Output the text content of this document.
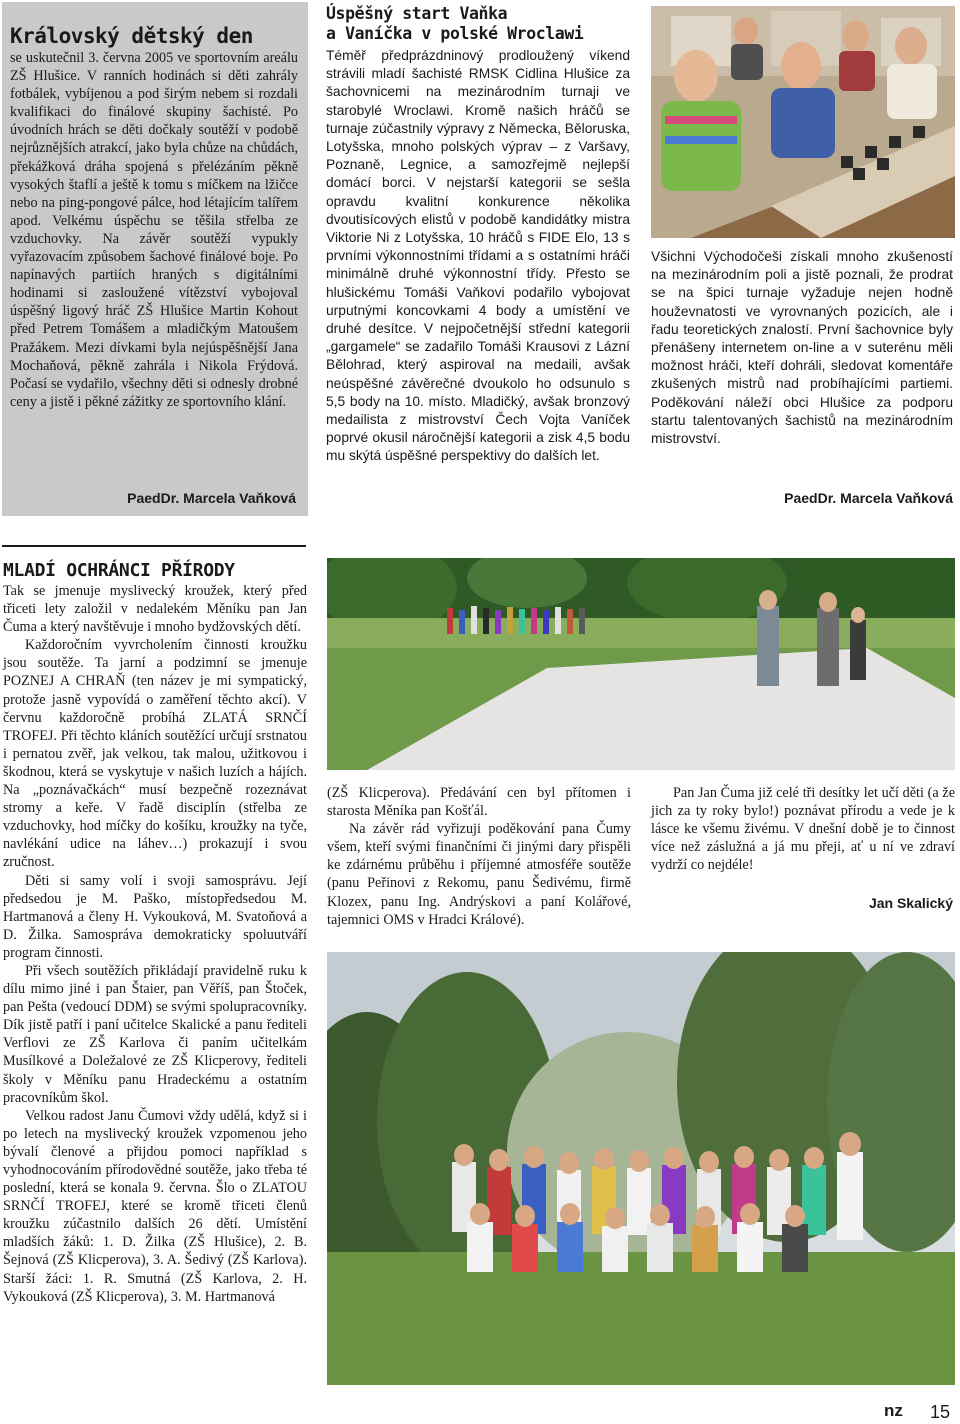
Královský dětský den

se uskutečnil 3. června 2005 ve sportovním areálu ZŠ Hlušice. V ranních hodinách si děti zahrály fotbálek, vybíjenou a pod širým nebem si rozdali kvalifikaci do finálové skupiny šachisté. Po úvodních hrách se děti dočkaly soutěží v podobě nejrůznějších atrakcí, jako byla chůze na chůdách, překážková dráha spojená s přelézáním pěkně vysokých štaflí a ještě k tomu s míčkem na lžičce nebo na ping-pongové pálce, hod létajícím talířem apod. Velkému úspěchu se těšila střelba ze vzduchovky. Na závěr soutěží vypukly vyřazovacím způsobem šachové finálové boje. Po napínavých partiích hraných s digitálními hodinami si zasloužené vítězství vybojoval úspěšný ligový hráč ZŠ Hlušice Martin Kohout před Petrem Tomášem a mladičkým Matoušem Pražákem. Mezi dívkami byla nejúspěšnější Jana Mochaňová, pěkně zahrála i Nikola Frýdová. Počasí se vydařilo, všechny děti si odnesly drobné ceny a jistě i pěkné zážitky ze sportovního klání.

PaedDr. Marcela Vaňková
Úspěšný start Vaňka
a Vaníčka v polské Wroclawi

Téměř předprázdninový prodloužený víkend strávili mladí šachisté RMSK Cidlina Hlušice za šachovnicemi na mezinárodním turnaji ve starobylé Wroclawi. Kromě našich hráčů se turnaje zúčastnily výpravy z Německa, Běloruska, Lotyšska, mnoho polských výprav – z Varšavy, Poznaně, Legnice, a samozřejmě nejlepší domácí borci. V nejstarší kategorii se sešla opravdu kvalitní konkurence několika dvoutisícových elistů v podobě kandidátky mistra Viktorie Ni z Lotyšska, 10 hráčů s FIDE Elo, 13 s prvními výkonnostními třídami a s ostatními hráči minimálně druhé výkonnostní třídy. Přesto se hlušickému Tomáši Vaňkovi podařilo vybojovat urputnými koncovkami 4 body a umístění ve druhé desítce. V nejpočetnější střední kategorii „gargamele“ se zadařilo Tomáši Krausovi z Lázní Bělohrad, který aspiroval na medaili, avšak neúspěšné závěrečné dvoukolo ho odsunulo s 5,5 body na 10. místo. Mladičký, avšak bronzový medailista z mistrovství Čech Vojta Vaníček poprvé okusil náročnější kategorii a zisk 4,5 bodu mu skýtá úspěšné perspektivy do dalších let.

Všichni Východočeši získali mnoho zkušeností na mezinárodním poli a jistě poznali, že prodrat se na špici turnaje vyžaduje nejen hodně houževnatosti ve vyrovnaných pozicích, ale i řadu teoretických znalostí. První šachovnice byly přenášeny internetem on-line a v suterénu měli možnost hráči, kteří dohráli, sledovat komentáře zkušených mistrů nad probíhajícími partiemi. Poděkování náleží obci Hlušice za podporu startu talentovaných šachistů na mezinárodním mistrovství.

PaedDr. Marcela Vaňková
MLADÍ OCHRÁNCI PŘÍRODY

Tak se jmenuje myslivecký kroužek, který před třiceti lety založil v nedalekém Měníku pan Jan Čuma a který navštěvuje i mnoho bydžovských dětí.

Každoročním vyvrcholením činnosti kroužku jsou soutěže. Ta jarní a podzimní se jmenuje POZNEJ A CHRAŇ (ten název je mi sympatický, protože jasně vypovídá o zaměření těchto akcí). V červnu každoročně probíhá ZLATÁ SRNČÍ TROFEJ. Při těchto kláních soutěžící určují srstnatou i pernatou zvěř, jak velkou, tak malou, užitkovou i škodnou, která se vyskytuje v našich luzích a hájích. Na „poznávačkách“ musí bezpečně rozeznávat stromy a keře. V řadě disciplín (střelba ze vzduchovky, hod míčky do košíku, kroužky na tyče, navlékání udice na láhev…) prokazují i svou zručnost.

Děti si samy volí i svoji samosprávu. Její předsedou je M. Paško, místopředsedou M. Hartmanová a členy H. Vykouková, M. Svatoňová a D. Žilka. Samospráva demokraticky spoluutváří program činnosti.

Při všech soutěžích přikládají pravidelně ruku k dílu mimo jiné i pan Štaier, pan Věříš, pan Štoček, pan Pešta (vedoucí DDM) se svými spolupracovníky. Dík jistě patří i paní učitelce Skalické a panu řediteli Verflovi ze ZŠ Karlova či paním učitelkám Musílkové a Doležalové ze ZŠ Klicperovy, řediteli školy v Měníku panu Hradeckému a ostatním pracovníkům škol.

Velkou radost Janu Čumovi vždy udělá, když si i po letech na myslivecký kroužek vzpomenou jeho bývalí členové a přijdou pomoci například s vyhodnocováním přírodovědné soutěže, jako třeba té poslední, která se konala 9. června. Šlo o ZLATOU SRNČÍ TROFEJ, které se kromě třiceti členů kroužku zúčastnilo dalších 26 dětí. Umístění mladších žáků: 1. D. Žilka (ZŠ Hlušice), 2. B. Šejnová (ZŠ Klicperova), 3. A. Šedivý (ZŠ Karlova). Starší žáci: 1. R. Smutná (ZŠ Karlova, 2. H. Vykouková (ZŠ Klicperova), 3. M. Hartmanová

(ZŠ Klicperova). Předávání cen byl přítomen i starosta Měníka pan Košťál.

Na závěr rád vyřizuji poděkování pana Čumy všem, kteří svými finančními či jinými dary přispěli ke zdárnému průběhu i příjemné atmosféře soutěže (panu Peřinovi z Rekomu, panu Šedivému, firmě Klozex, panu Ing. Andrýskovi a paní Kolářové, tajemnici OMS v Hradci Králové).

Pan Jan Čuma již celé tři desítky let učí děti (a že jich za ty roky bylo!) poznávat přírodu a vede je k lásce ke všemu živému. V dnešní době je to činnost více než záslužná a já mu přeji, ať u ní ve zdraví vydrží co nejdéle!

Jan Skalický
nz 15
